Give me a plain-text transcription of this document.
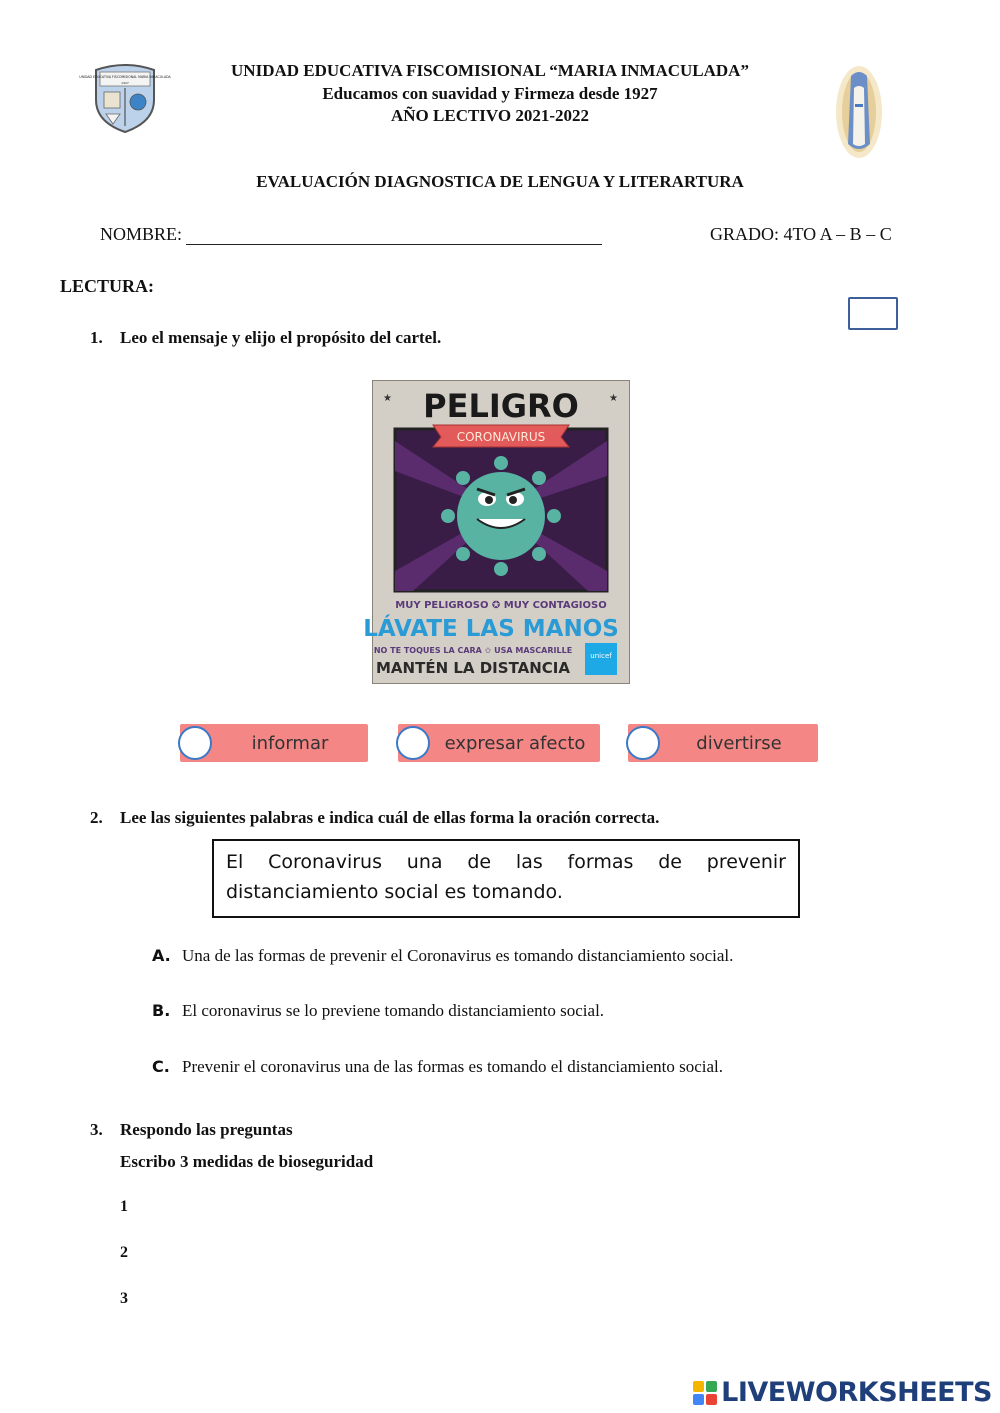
UNIDAD EDUCATIVA FISCOMISIONAL MARIA INMACULADA
1927
UNIDAD EDUCATIVA FISCOMISIONAL “MARIA INMACULADA”
Educamos con suavidad y Firmeza desde 1927
AÑO LECTIVO 2021-2022
EVALUACIÓN DIAGNOSTICA DE LENGUA Y LITERARTURA
NOMBRE:	GRADO: 4TO A – B – C
LECTURA:
1. Leo el mensaje y elijo el propósito del cartel.
PELIGRO
★	★
CORONAVIRUS
MUY PELIGROSO ✪ MUY CONTAGIOSO
LÁVATE LAS MANOS
NO TE TOQUES LA CARA ✩ USA MASCARILLE
MANTÉN LA DISTANCIA
unicef
informar	expresar afecto	divertirse
2. Lee las siguientes palabras e indica cuál de ellas forma la oración correcta.
El Coronavirus una de las formas de prevenir distanciamiento social es tomando.
A. Una de las formas de prevenir el Coronavirus es tomando distanciamiento social.
B. El coronavirus se lo previene tomando distanciamiento social.
C. Prevenir el coronavirus una de las formas es tomando el distanciamiento social.
3. Respondo las preguntas
Escribo 3 medidas de bioseguridad
1
2
3
LIVEWORKSHEETS
